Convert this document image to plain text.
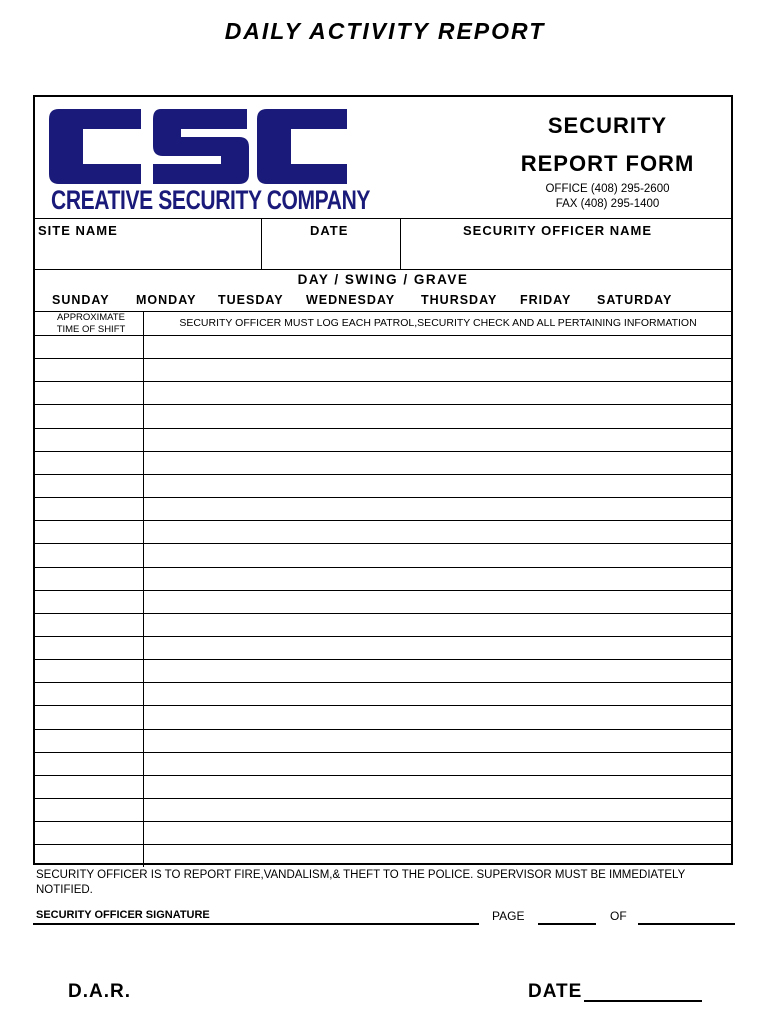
DAILY ACTIVITY REPORT
CREATIVE SECURITY COMPANY
SECURITY
REPORT FORM
OFFICE (408) 295-2600
FAX (408) 295-1400
SITE NAME	DATE	SECURITY OFFICER NAME
DAY / SWING / GRAVE
SUNDAY MONDAY TUESDAY WEDNESDAY THURSDAY FRIDAY SATURDAY
APPROXIMATE
TIME OF SHIFT
SECURITY OFFICER MUST LOG EACH PATROL,SECURITY CHECK AND ALL PERTAINING INFORMATION
SECURITY OFFICER IS TO REPORT FIRE,VANDALISM,& THEFT TO THE POLICE. SUPERVISOR MUST BE IMMEDIATELY NOTIFIED.
SECURITY OFFICER SIGNATURE	PAGE	OF
D.A.R.	DATE
